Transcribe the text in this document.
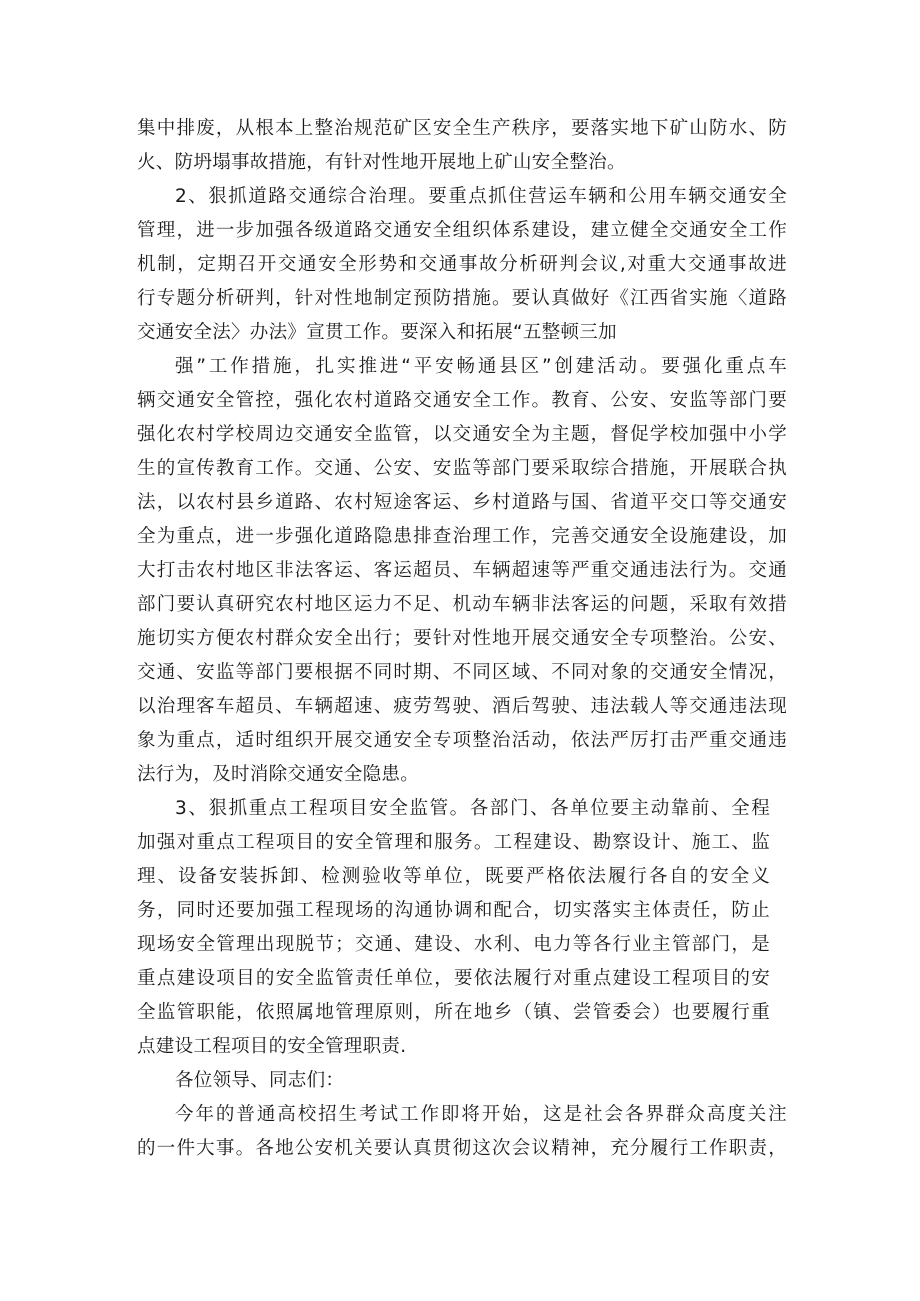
集中排废，从根本上整治规范矿区安全生产秩序，要落实地下矿山防水、防

火、防坍塌事故措施，有针对性地开展地上矿山安全整治。

2、狠抓道路交通综合治理。要重点抓住营运车辆和公用车辆交通安全

管理，进一步加强各级道路交通安全组织体系建设，建立健全交通安全工作

机制，定期召开交通安全形势和交通事故分析研判会议,对重大交通事故进

行专题分析研判，针对性地制定预防措施。要认真做好《江西省实施〈道路

交通安全法〉办法》宣贯工作。要深入和拓展“五整顿三加

强”工作措施，扎实推进“平安畅通县区”创建活动。要强化重点车

辆交通安全管控，强化农村道路交通安全工作。教育、公安、安监等部门要

强化农村学校周边交通安全监管，以交通安全为主题，督促学校加强中小学

生的宣传教育工作。交通、公安、安监等部门要采取综合措施，开展联合执

法，以农村县乡道路、农村短途客运、乡村道路与国、省道平交口等交通安

全为重点，进一步强化道路隐患排查治理工作，完善交通安全设施建设，加

大打击农村地区非法客运、客运超员、车辆超速等严重交通违法行为。交通

部门要认真研究农村地区运力不足、机动车辆非法客运的问题，采取有效措

施切实方便农村群众安全出行；要针对性地开展交通安全专项整治。公安、

交通、安监等部门要根据不同时期、不同区域、不同对象的交通安全情况，

以治理客车超员、车辆超速、疲劳驾驶、酒后驾驶、违法载人等交通违法现

象为重点，适时组织开展交通安全专项整治活动，依法严厉打击严重交通违

法行为，及时消除交通安全隐患。

3、狠抓重点工程项目安全监管。各部门、各单位要主动靠前、全程

加强对重点工程项目的安全管理和服务。工程建设、勘察设计、施工、监

理、设备安装拆卸、检测验收等单位，既要严格依法履行各自的安全义

务，同时还要加强工程现场的沟通协调和配合，切实落实主体责任，防止

现场安全管理出现脱节；交通、建设、水利、电力等各行业主管部门，是

重点建设项目的安全监管责任单位，要依法履行对重点建设工程项目的安

全监管职能，依照属地管理原则，所在地乡（镇、尝管委会）也要履行重

点建设工程项目的安全管理职责.

各位领导、同志们：

今年的普通高校招生考试工作即将开始，这是社会各界群众高度关注

的一件大事。各地公安机关要认真贯彻这次会议精神，充分履行工作职责，
